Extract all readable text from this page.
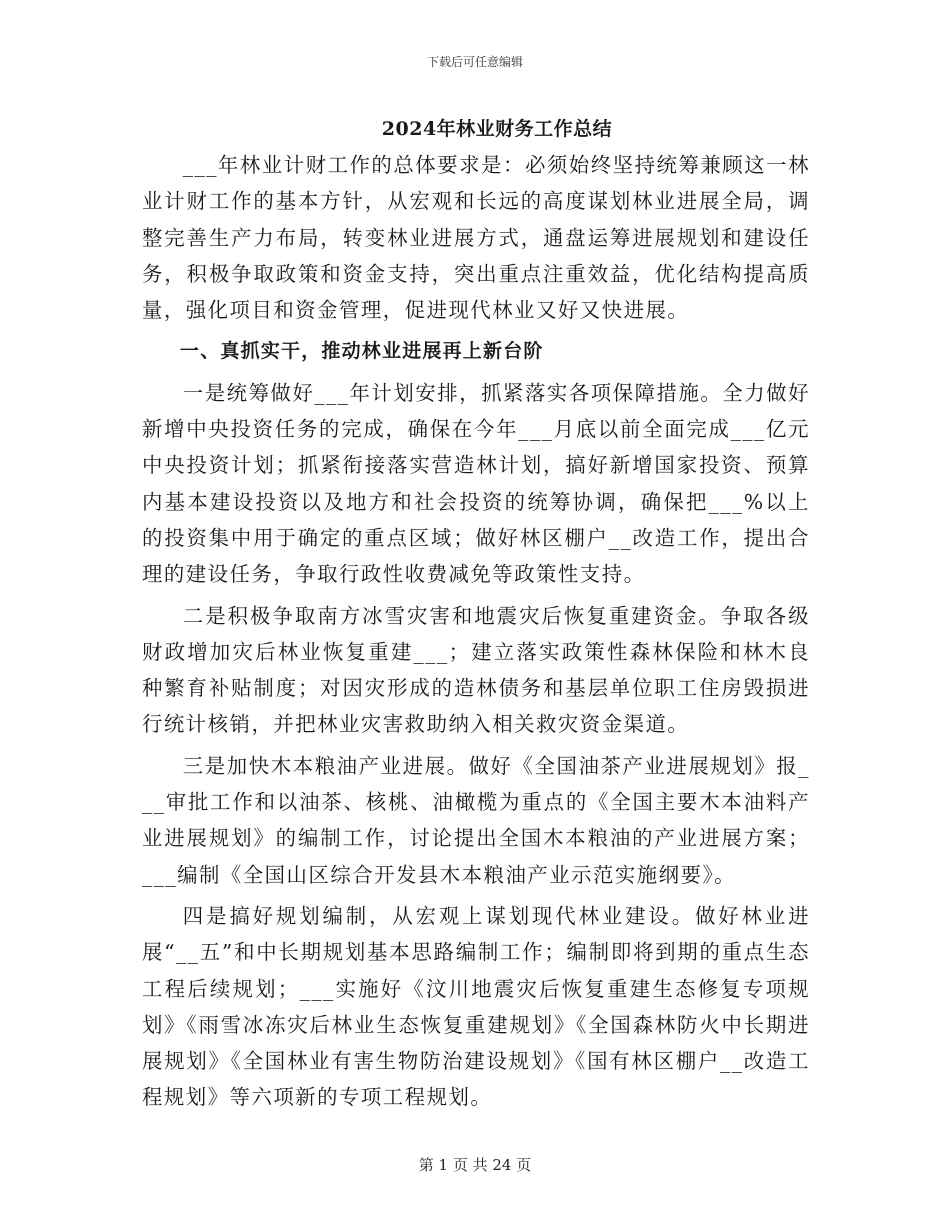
下载后可任意编辑
2024年林业财务工作总结

___年林业计财工作的总体要求是：必须始终坚持统筹兼顾这一林业计财工作的基本方针，从宏观和长远的高度谋划林业进展全局，调整完善生产力布局，转变林业进展方式，通盘运筹进展规划和建设任务，积极争取政策和资金支持，突出重点注重效益，优化结构提高质量，强化项目和资金管理，促进现代林业又好又快进展。

一、真抓实干，推动林业进展再上新台阶

一是统筹做好___年计划安排，抓紧落实各项保障措施。全力做好新增中央投资任务的完成，确保在今年___月底以前全面完成___亿元中央投资计划；抓紧衔接落实营造林计划，搞好新增国家投资、预算内基本建设投资以及地方和社会投资的统筹协调，确保把___%以上的投资集中用于确定的重点区域；做好林区棚户__改造工作，提出合理的建设任务，争取行政性收费减免等政策性支持。

二是积极争取南方冰雪灾害和地震灾后恢复重建资金。争取各级财政增加灾后林业恢复重建___；建立落实政策性森林保险和林木良种繁育补贴制度；对因灾形成的造林债务和基层单位职工住房毁损进行统计核销，并把林业灾害救助纳入相关救灾资金渠道。

三是加快木本粮油产业进展。做好《全国油茶产业进展规划》报___审批工作和以油茶、核桃、油橄榄为重点的《全国主要木本油料产业进展规划》的编制工作，讨论提出全国木本粮油的产业进展方案；___编制《全国山区综合开发县木本粮油产业示范实施纲要》。

四是搞好规划编制，从宏观上谋划现代林业建设。做好林业进展“__五”和中长期规划基本思路编制工作；编制即将到期的重点生态工程后续规划；___实施好《汶川地震灾后恢复重建生态修复专项规划》《雨雪冰冻灾后林业生态恢复重建规划》《全国森林防火中长期进展规划》《全国林业有害生物防治建设规划》《国有林区棚户__改造工程规划》等六项新的专项工程规划。

第 1 页 共 24 页
